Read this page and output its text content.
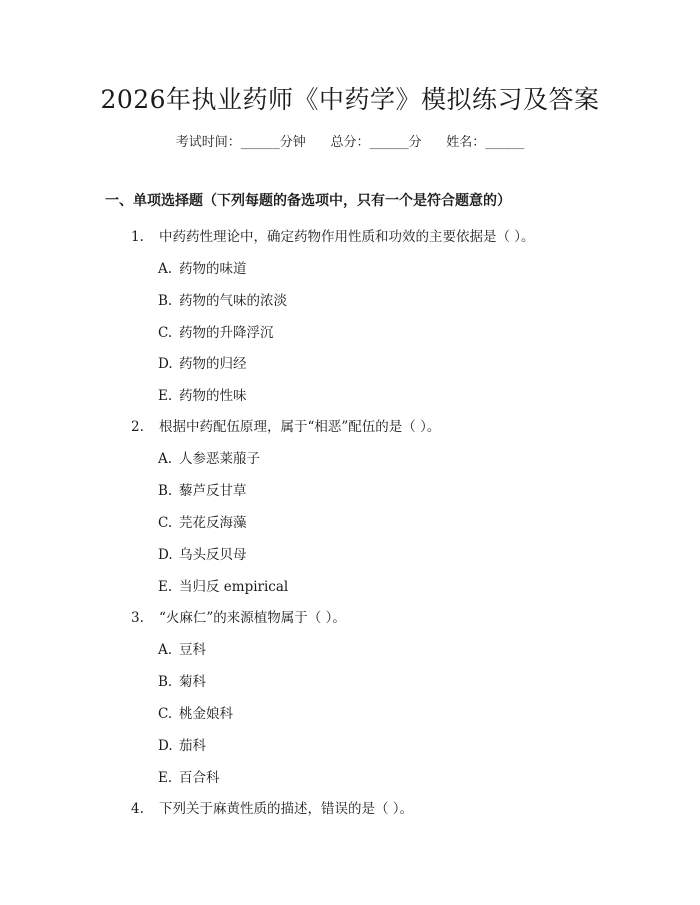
2026年执业药师《中药学》模拟练习及答案
考试时间：______分钟      总分：______分      姓名：______
一、单项选择题（下列每题的备选项中，只有一个是符合题意的）
1. 中药药性理论中，确定药物作用性质和功效的主要依据是（ ）。
A. 药物的味道
B. 药物的气味的浓淡
C. 药物的升降浮沉
D. 药物的归经
E. 药物的性味
2. 根据中药配伍原理，属于“相恶”配伍的是（ ）。
A. 人参恶莱菔子
B. 藜芦反甘草
C. 芫花反海藻
D. 乌头反贝母
E. 当归反 empirical
3. “火麻仁”的来源植物属于（ ）。
A. 豆科
B. 菊科
C. 桃金娘科
D. 茄科
E. 百合科
4. 下列关于麻黄性质的描述，错误的是（ ）。
